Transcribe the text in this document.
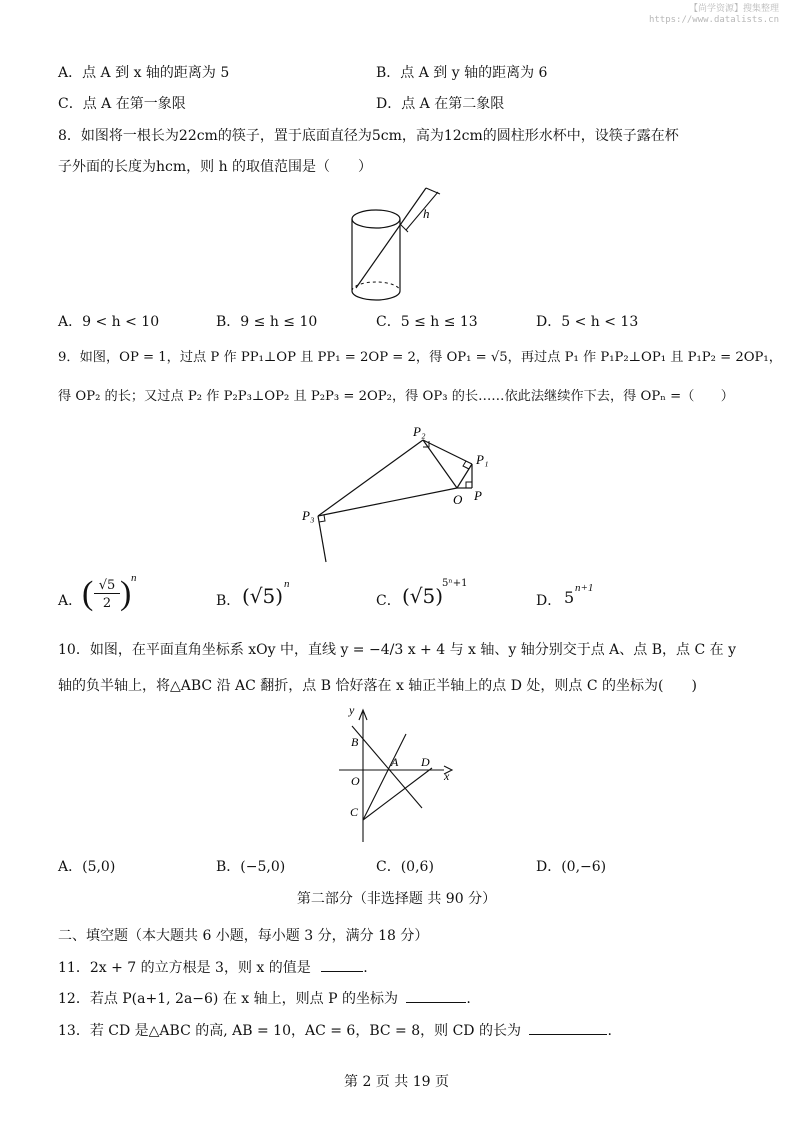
【尚学资源】搜集整理
https://www.datalists.cn
A．点 A 到 x 轴的距离为 5	B．点 A 到 y 轴的距离为 6
C．点 A 在第一象限	D．点 A 在第二象限
8．如图将一根长为22cm的筷子，置于底面直径为5cm，高为12cm的圆柱形水杯中，设筷子露在杯
子外面的长度为hcm，则 h 的取值范围是（　　）
h
A．9 < h < 10	B．9 ≤ h ≤ 10	C．5 ≤ h ≤ 13	D．5 < h < 13
9．如图，OP = 1，过点 P 作 PP₁⊥OP 且 PP₁ = 2OP = 2，得 OP₁ = √5，再过点 P₁ 作 P₁P₂⊥OP₁ 且 P₁P₂ = 2OP₁，
得 OP₂ 的长；又过点 P₂ 作 P₂P₃⊥OP₂ 且 P₂P₃ = 2OP₂，得 OP₃ 的长……依此法继续作下去，得 OPₙ =（　　）
P₂
P₁
O P
P₃
A． ( √5
2 ) n
B． (√5) n
C． (√5)
5ⁿ+1
D． 5 n+1
10．如图，在平面直角坐标系 xOy 中，直线 y = −4/3 x + 4 与 x 轴、y 轴分别交于点 A、点 B，点 C 在 y
轴的负半轴上，将△ABC 沿 AC 翻折，点 B 恰好落在 x 轴正半轴上的点 D 处，则点 C 的坐标为(　　)
y
x
B
A D
O
C
A．(5,0)	B．(−5,0)	C．(0,6)	D．(0,−6)
第二部分（非选择题 共 90 分）
二、填空题（本大题共 6 小题，每小题 3 分，满分 18 分）
11．2x + 7 的立方根是 3，则 x 的值是	.
12．若点 P(a+1, 2a−6) 在 x 轴上，则点 P 的坐标为	.
13．若 CD 是△ABC 的高, AB = 10，AC = 6，BC = 8，则 CD 的长为	.
第 2 页 共 19 页
